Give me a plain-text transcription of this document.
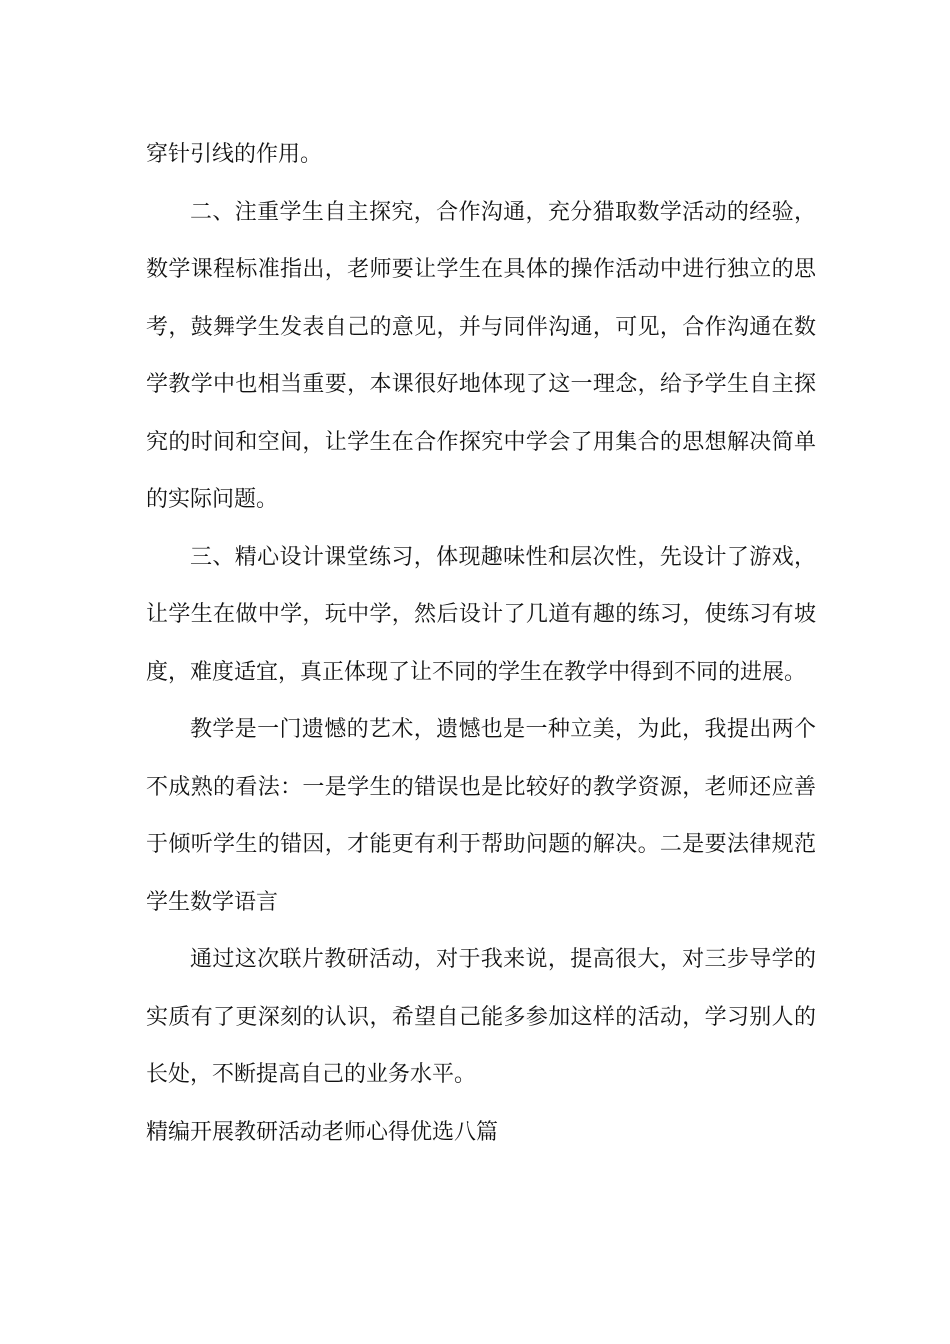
穿针引线的作用。

二、注重学生自主探究，合作沟通，充分猎取数学活动的经验，数学课程标准指出，老师要让学生在具体的操作活动中进行独立的思考，鼓舞学生发表自己的意见，并与同伴沟通，可见，合作沟通在数学教学中也相当重要，本课很好地体现了这一理念，给予学生自主探究的时间和空间，让学生在合作探究中学会了用集合的思想解决简单的实际问题。

三、精心设计课堂练习，体现趣味性和层次性，先设计了游戏，让学生在做中学，玩中学，然后设计了几道有趣的练习，使练习有坡度，难度适宜，真正体现了让不同的学生在教学中得到不同的进展。

教学是一门遗憾的艺术，遗憾也是一种立美，为此，我提出两个不成熟的看法：一是学生的错误也是比较好的教学资源，老师还应善于倾听学生的错因，才能更有利于帮助问题的解决。二是要法律规范学生数学语言

通过这次联片教研活动，对于我来说，提高很大，对三步导学的实质有了更深刻的认识，希望自己能多参加这样的活动，学习别人的长处，不断提高自己的业务水平。

精编开展教研活动老师心得优选八篇
